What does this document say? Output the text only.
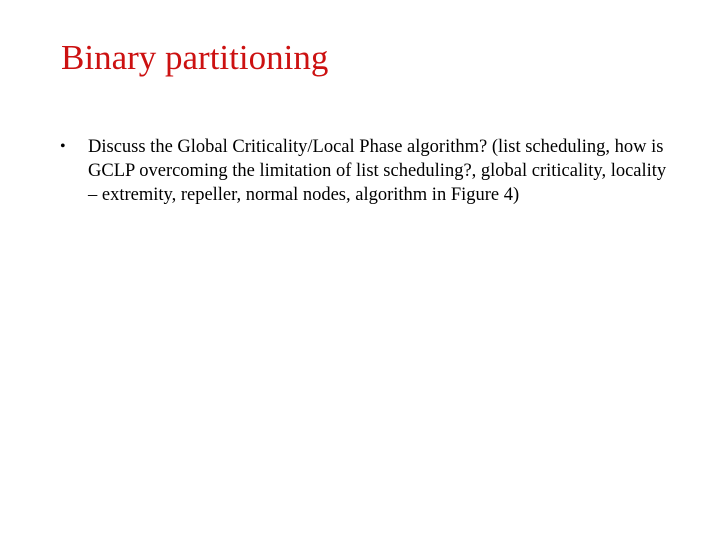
Binary partitioning
• Discuss the Global Criticality/Local Phase algorithm? (list scheduling, how is GCLP overcoming the limitation of list scheduling?, global criticality, locality – extremity, repeller, normal nodes, algorithm in Figure 4)
